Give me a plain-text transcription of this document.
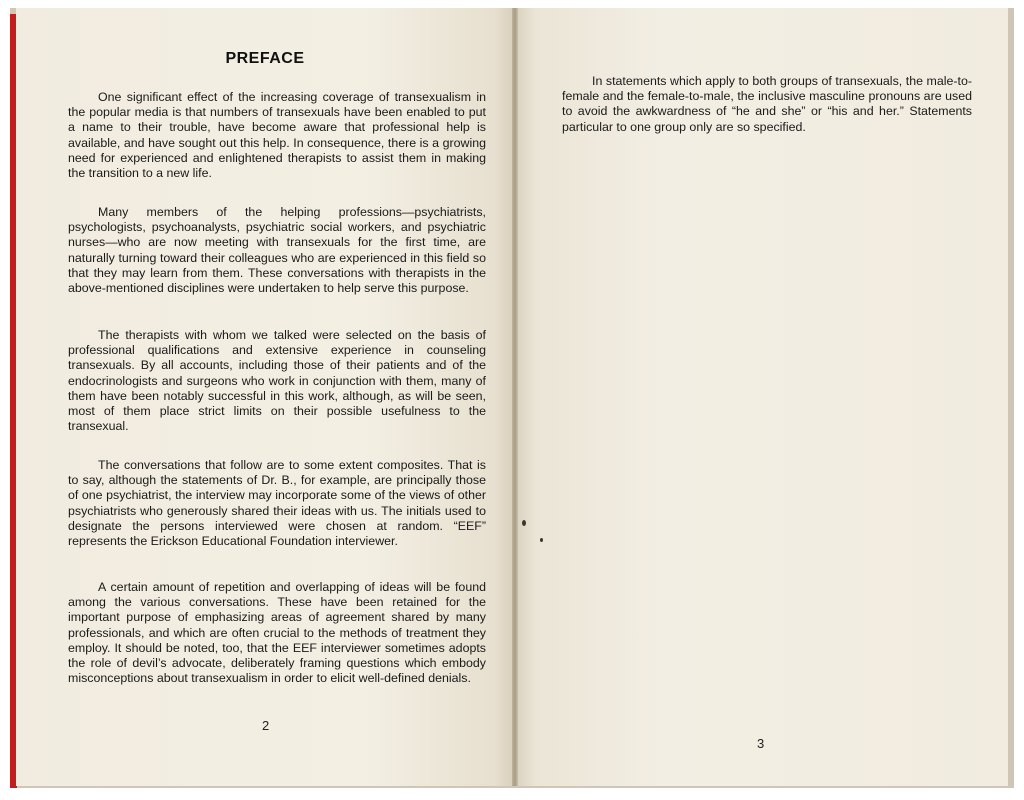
PREFACE

One significant effect of the increasing coverage of transexualism in the popular media is that numbers of transexuals have been enabled to put a name to their trouble, have become aware that professional help is available, and have sought out this help. In consequence, there is a growing need for experienced and enlightened therapists to assist them in making the transition to a new life.

Many members of the helping professions—psychiatrists, psychologists, psychoanalysts, psychiatric social workers, and psychiatric nurses—who are now meeting with transexuals for the first time, are naturally turning toward their colleagues who are experienced in this field so that they may learn from them. These conversations with therapists in the above-mentioned disciplines were undertaken to help serve this purpose.

The therapists with whom we talked were selected on the basis of professional qualifications and extensive experience in counseling transexuals. By all accounts, including those of their patients and of the endocrinologists and surgeons who work in conjunction with them, many of them have been notably successful in this work, although, as will be seen, most of them place strict limits on their possible usefulness to the transexual.

The conversations that follow are to some extent composites. That is to say, although the statements of Dr. B., for example, are principally those of one psychiatrist, the interview may incorporate some of the views of other psychiatrists who generously shared their ideas with us. The initials used to designate the persons interviewed were chosen at random. “EEF” represents the Erickson Educational Foundation interviewer.

A certain amount of repetition and overlapping of ideas will be found among the various conversations. These have been retained for the important purpose of emphasizing areas of agreement shared by many professionals, and which are often crucial to the methods of treatment they employ. It should be noted, too, that the EEF interviewer sometimes adopts the role of devil’s advocate, deliberately framing questions which embody misconceptions about transexualism in order to elicit well-defined denials.

2

In statements which apply to both groups of transexuals, the male-to-female and the female-to-male, the inclusive masculine pronouns are used to avoid the awkwardness of “he and she” or “his and her.” Statements particular to one group only are so specified.

3
